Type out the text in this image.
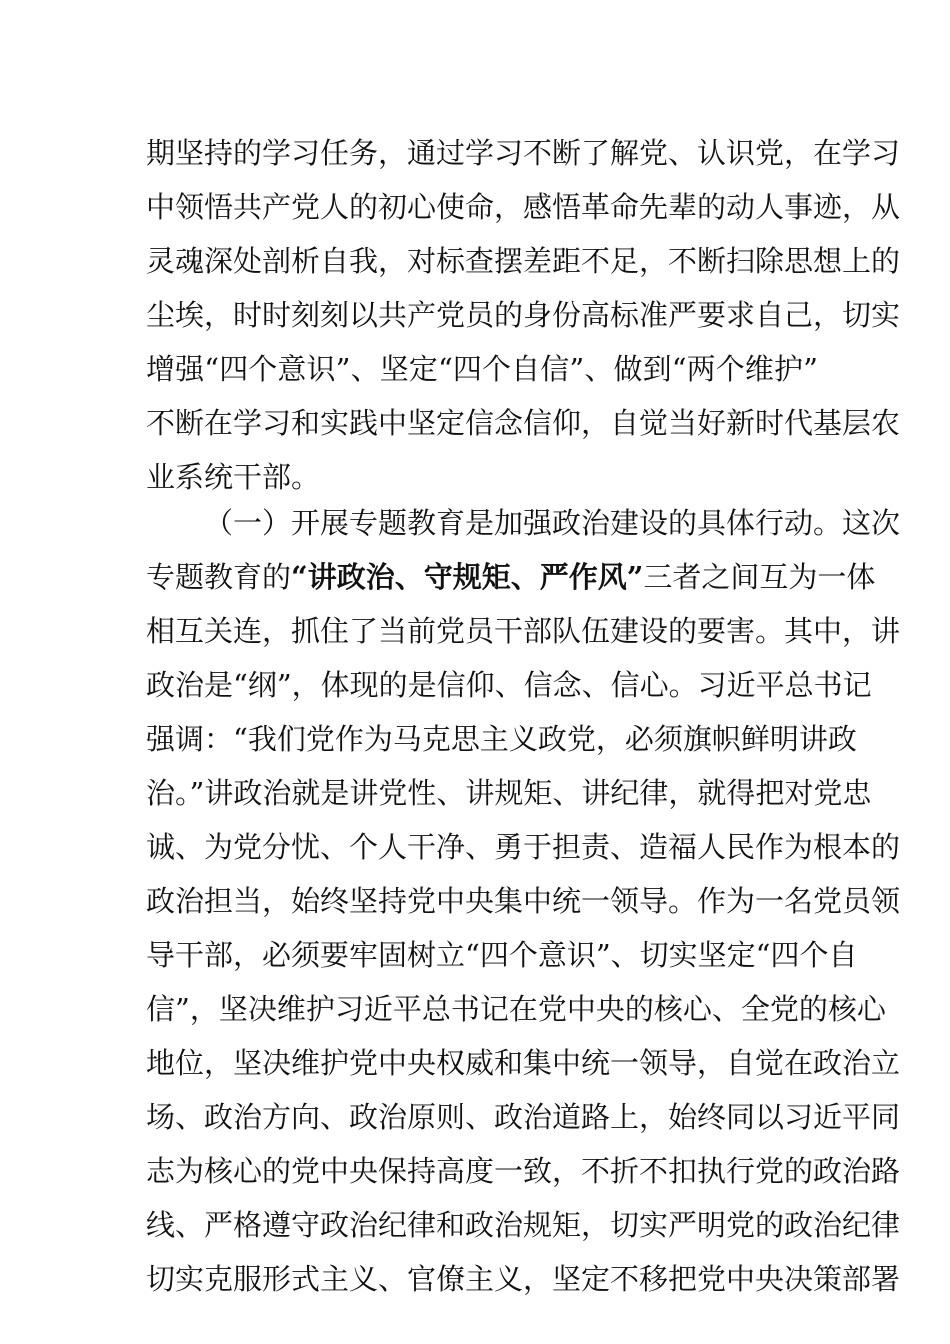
期坚持的学习任务，通过学习不断了解党、认识党，在学习
中领悟共产党人的初心使命，感悟革命先辈的动人事迹，从
灵魂深处剖析自我，对标查摆差距不足，不断扫除思想上的
尘埃，时时刻刻以共产党员的身份高标准严要求自己，切实
增强“四个意识”、坚定“四个自信”、做到“两个维护”
不断在学习和实践中坚定信念信仰，自觉当好新时代基层农
业系统干部。
（一）开展专题教育是加强政治建设的具体行动。这次
专题教育的“讲政治、守规矩、严作风”三者之间互为一体
相互关连，抓住了当前党员干部队伍建设的要害。其中，讲
政治是“纲”，体现的是信仰、信念、信心。习近平总书记
强调：“我们党作为马克思主义政党，必须旗帜鲜明讲政
治。”讲政治就是讲党性、讲规矩、讲纪律，就得把对党忠
诚、为党分忧、个人干净、勇于担责、造福人民作为根本的
政治担当，始终坚持党中央集中统一领导。作为一名党员领
导干部，必须要牢固树立“四个意识”、切实坚定“四个自
信”，坚决维护习近平总书记在党中央的核心、全党的核心
地位，坚决维护党中央权威和集中统一领导，自觉在政治立
场、政治方向、政治原则、政治道路上，始终同以习近平同
志为核心的党中央保持高度一致，不折不扣执行党的政治路
线、严格遵守政治纪律和政治规矩，切实严明党的政治纪律
切实克服形式主义、官僚主义，坚定不移把党中央决策部署
